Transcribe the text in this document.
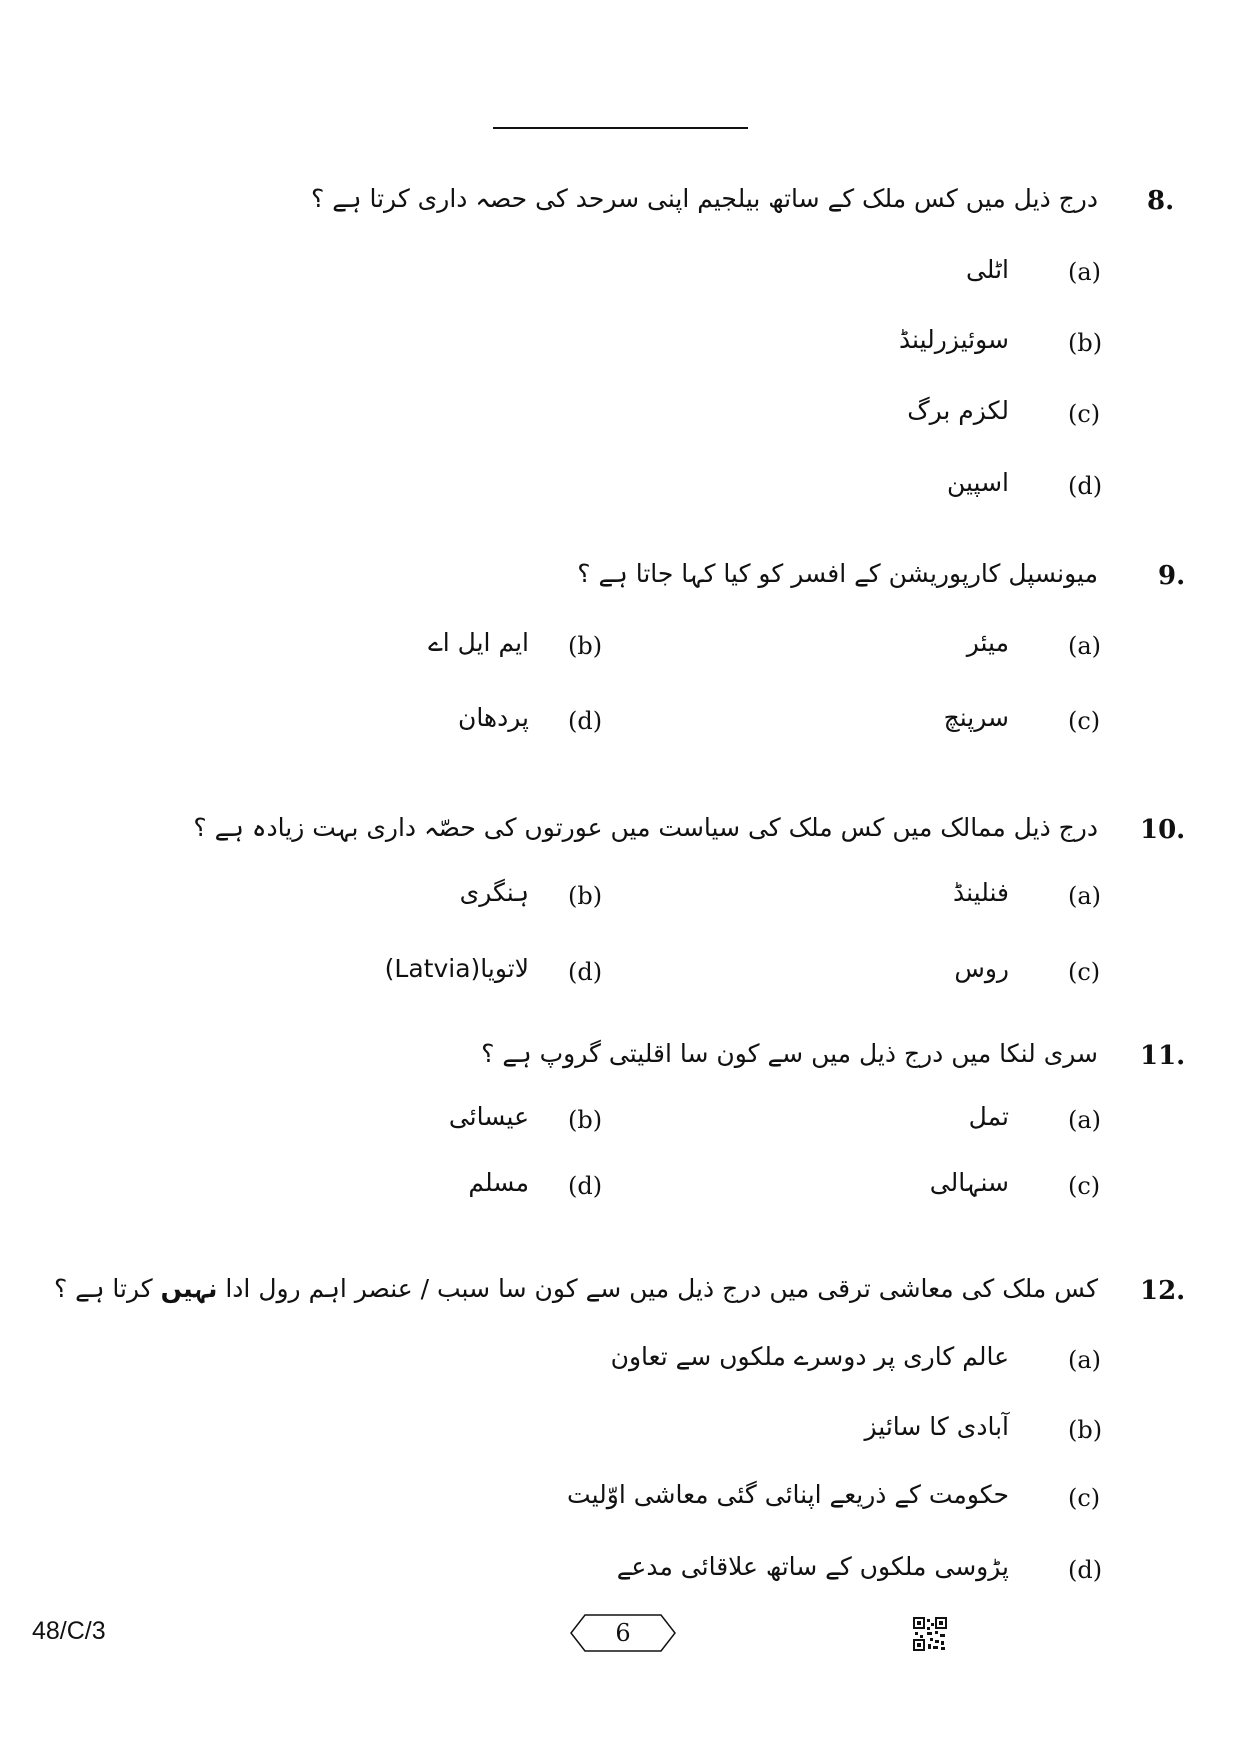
8.
درج ذیل میں کس ملک کے ساتھ بیلجیم اپنی سرحد کی حصہ داری کرتا ہے ؟
(a)
اٹلی
(b)
سوئیزرلینڈ
(c)
لکزم برگ
(d)
اسپین
9.
میونسپل کارپوریشن کے افسر کو کیا کہا جاتا ہے ؟
(a)
میئر
(b)
ایم ایل اے
(c)
سرپنچ
(d)
پردھان
10.
درج ذیل ممالک میں کس ملک کی سیاست میں عورتوں کی حصّہ داری بہت زیادہ ہے ؟
(a)
فنلینڈ
(b)
ہنگری
(c)
روس
(d)
لاتویا(Latvia)
11.
سری لنکا میں درج ذیل میں سے کون سا اقلیتی گروپ ہے ؟
(a)
تمل
(b)
عیسائی
(c)
سنہالی
(d)
مسلم
12.
کس ملک کی معاشی ترقی میں درج ذیل میں سے کون سا سبب / عنصر اہم رول ادا نہیں کرتا ہے ؟
(a)
عالم کاری پر دوسرے ملکوں سے تعاون
(b)
آبادی کا سائیز
(c)
حکومت کے ذریعے اپنائی گئی معاشی اوّلیت
(d)
پڑوسی ملکوں کے ساتھ علاقائی مدعے
48/C/3	6
